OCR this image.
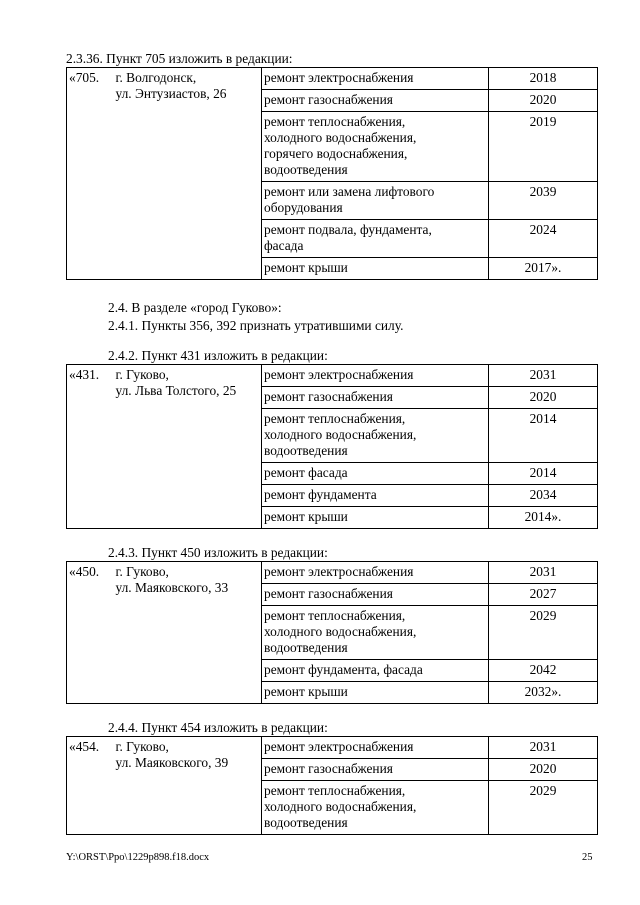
2.3.36. Пункт 705 изложить в редакции:
«705.	г. Волгодонск,
ул. Энтузиастов, 26	ремонт электроснабжения	2018

		ремонт газоснабжения	2020

		ремонт теплоснабжения,
холодного водоснабжения,
горячего водоснабжения,
водоотведения	2019

		ремонт или замена лифтового
оборудования	2039

		ремонт подвала, фундамента,
фасада	2024

		ремонт крыши	2017».
2.4. В разделе «город Гуково»:
2.4.1. Пункты 356, 392 признать утратившими силу.
2.4.2. Пункт 431 изложить в редакции:
«431.	г. Гуково,
ул. Льва Толстого, 25	ремонт электроснабжения	2031

		ремонт газоснабжения	2020

		ремонт теплоснабжения,
холодного водоснабжения,
водоотведения	2014

		ремонт фасада	2014

		ремонт фундамента	2034

		ремонт крыши	2014».
2.4.3. Пункт 450 изложить в редакции:
«450.	г. Гуково,
ул. Маяковского, 33	ремонт электроснабжения	2031

		ремонт газоснабжения	2027

		ремонт теплоснабжения,
холодного водоснабжения,
водоотведения	2029

		ремонт фундамента, фасада	2042

		ремонт крыши	2032».
2.4.4. Пункт 454 изложить в редакции:
«454.	г. Гуково,
ул. Маяковского, 39	ремонт электроснабжения	2031

		ремонт газоснабжения	2020

		ремонт теплоснабжения,
холодного водоснабжения,
водоотведения	2029
Y:\ORST\Ppo\1229p898.f18.docx	25
